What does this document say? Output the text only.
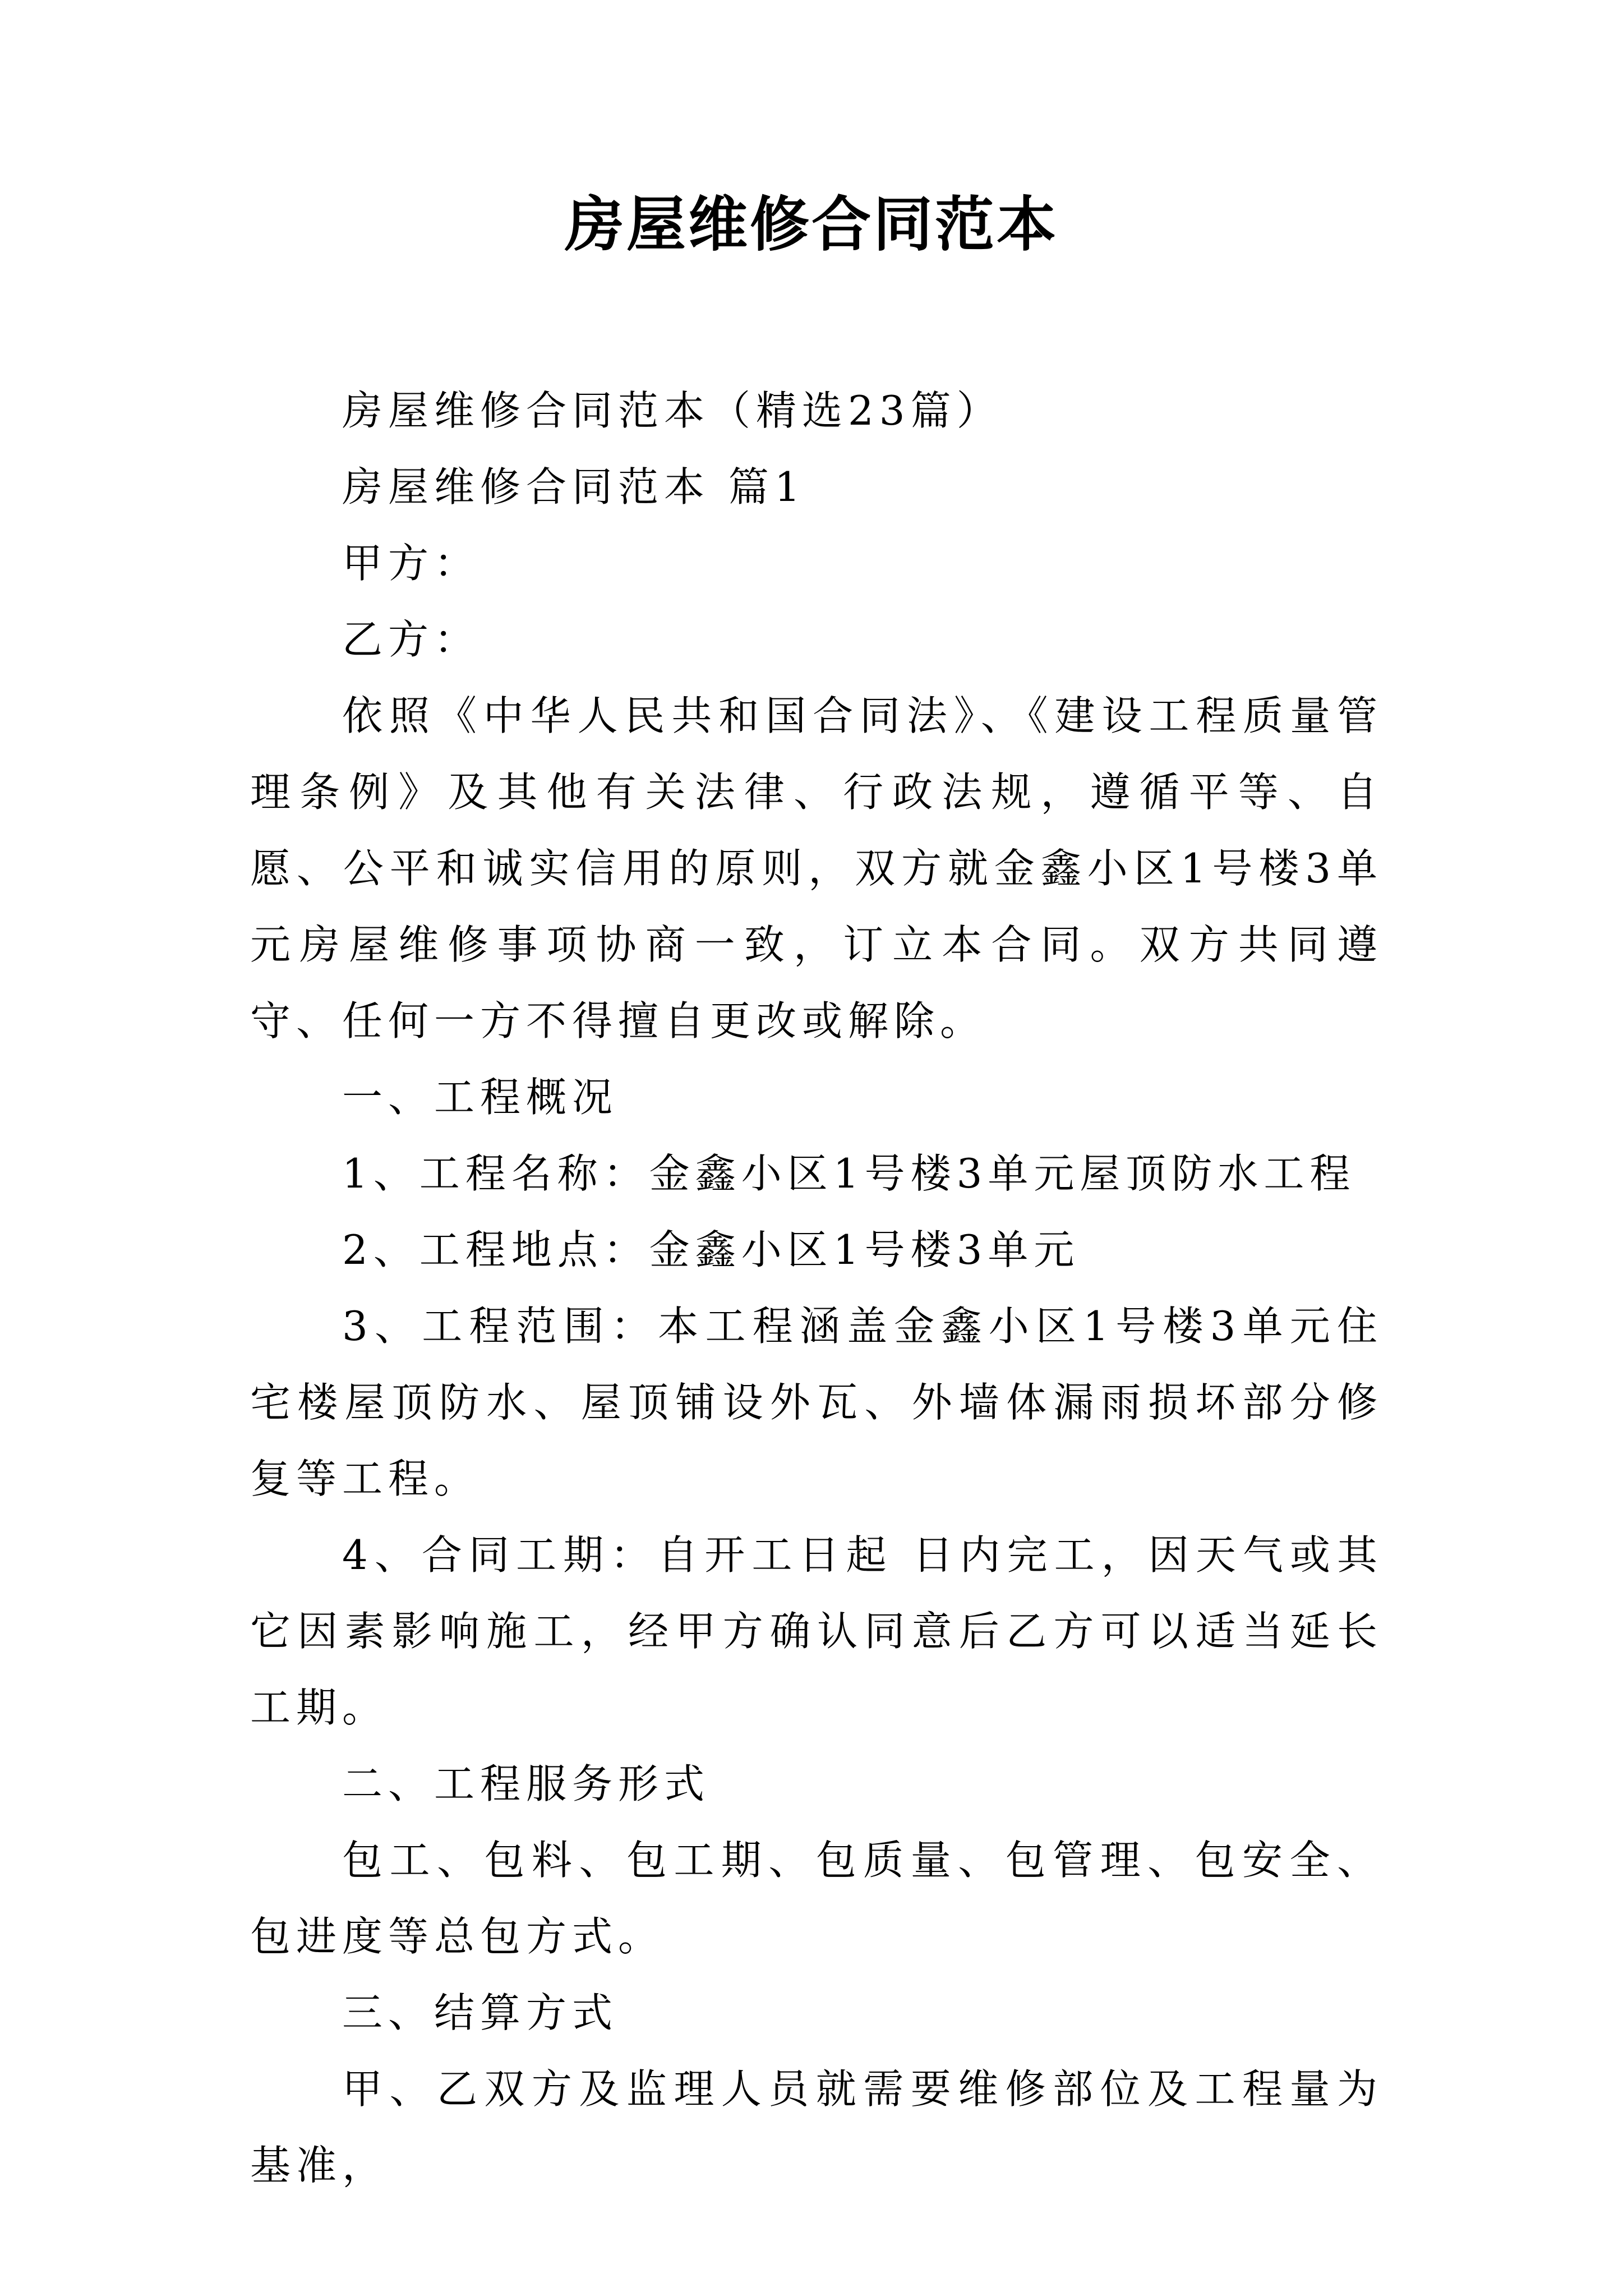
房屋维修合同范本

房屋维修合同范本（精选23篇）

房屋维修合同范本 篇1

甲方：

乙方：

依照《中华人民共和国合同法》、《建设工程质量管理条例》及其他有关法律、行政法规，遵循平等、自愿、公平和诚实信用的原则，双方就金鑫小区1号楼3单元房屋维修事项协商一致，订立本合同。双方共同遵守、任何一方不得擅自更改或解除。

一、工程概况

1、工程名称：金鑫小区1号楼3单元屋顶防水工程

2、工程地点：金鑫小区1号楼3单元

3、工程范围：本工程涵盖金鑫小区1号楼3单元住宅楼屋顶防水、屋顶铺设外瓦、外墙体漏雨损坏部分修复等工程。

4、合同工期：自开工日起 日内完工，因天气或其它因素影响施工，经甲方确认同意后乙方可以适当延长工期。

二、工程服务形式

包工、包料、包工期、包质量、包管理、包安全、包进度等总包方式。

三、结算方式

甲、乙双方及监理人员就需要维修部位及工程量为基准，
